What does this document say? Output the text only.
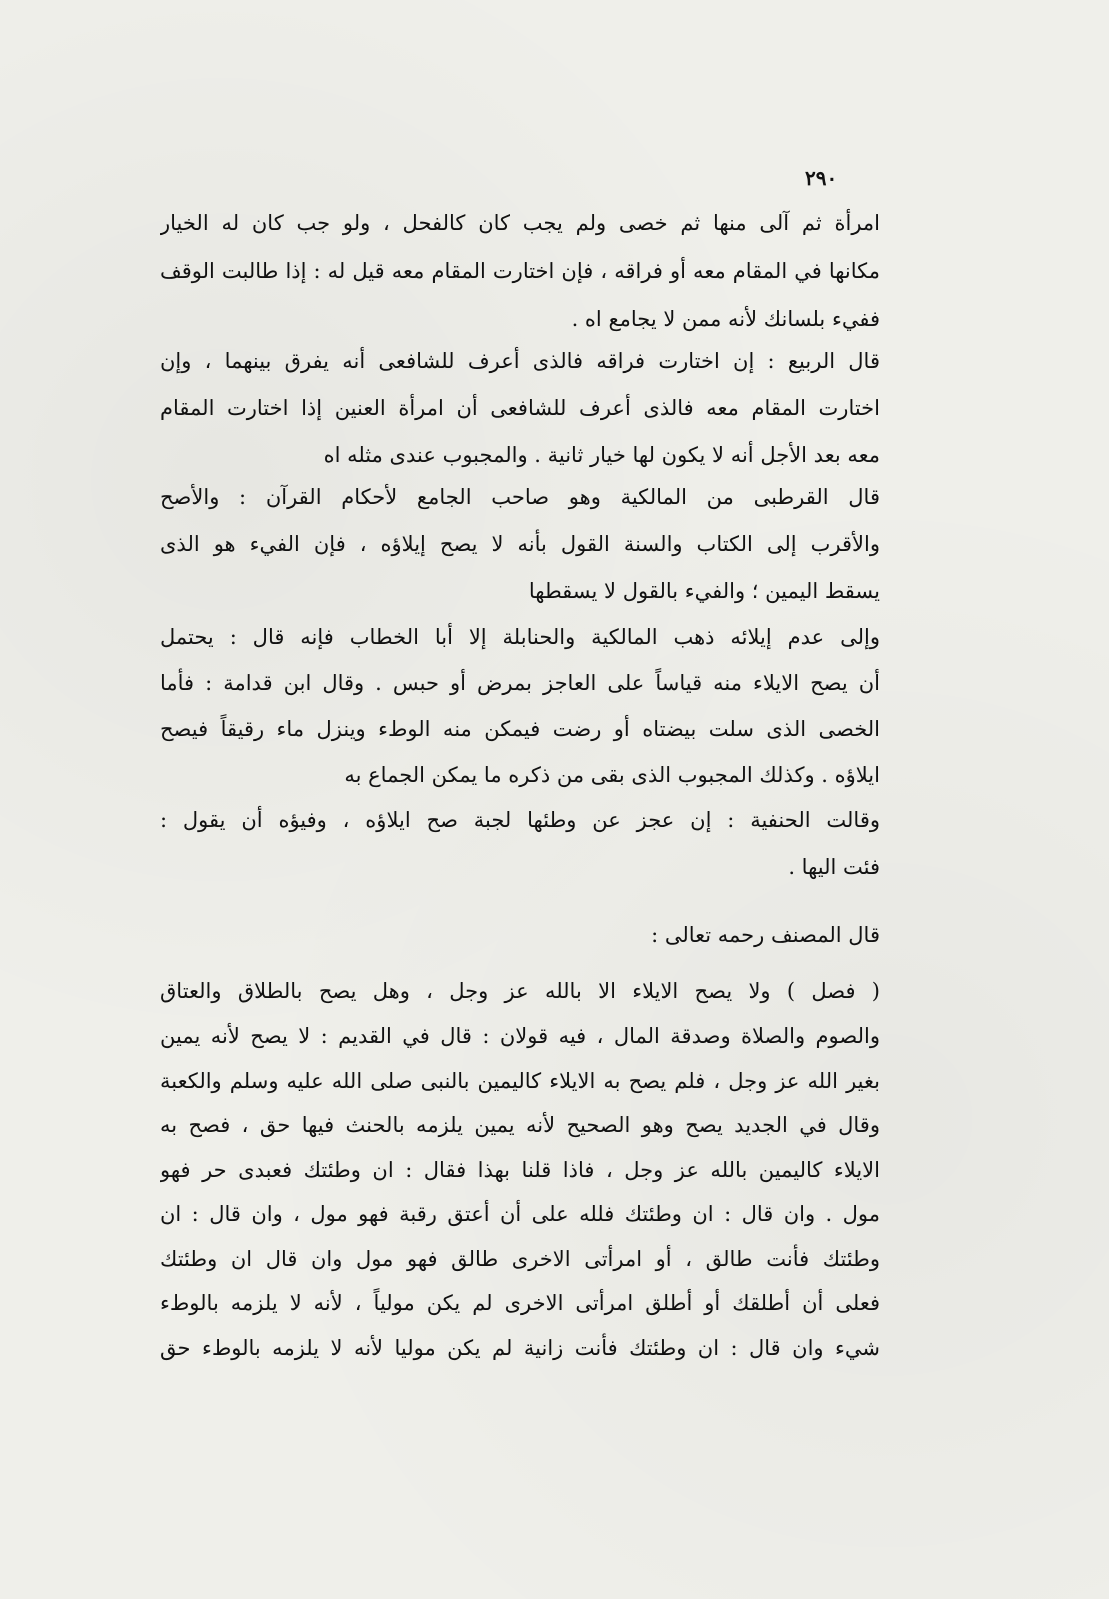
٢٩٠
امرأة ثم آلى منها ثم خصى ولم يجب كان كالفحل ، ولو جب كان له الخيار
مكانها في المقام معه أو فراقه ، فإن اختارت المقام معه قيل له : إذا طالبت الوقف
ففيء بلسانك لأنه ممن لا يجامع اه .
قال الربيع : إن اختارت فراقه فالذى أعرف للشافعى أنه يفرق بينهما ، وإن
اختارت المقام معه فالذى أعرف للشافعى أن امرأة العنين إذا اختارت المقام
معه بعد الأجل أنه لا يكون لها خيار ثانية . والمجبوب عندى مثله اه
قال القرطبى من المالكية وهو صاحب الجامع لأحكام القرآن : والأصح
والأقرب إلى الكتاب والسنة القول بأنه لا يصح إيلاؤه ، فإن الفيء هو الذى
يسقط اليمين ؛ والفيء بالقول لا يسقطها
وإلى عدم إيلائه ذهب المالكية والحنابلة إلا أبا الخطاب فإنه قال : يحتمل
أن يصح الايلاء منه قياساً على العاجز بمرض أو حبس . وقال ابن قدامة : فأما
الخصى الذى سلت بيضتاه أو رضت فيمكن منه الوطء وينزل ماء رقيقاً فيصح
ايلاؤه . وكذلك المجبوب الذى بقى من ذكره ما يمكن الجماع به
وقالت الحنفية : إن عجز عن وطئها لجبة صح ايلاؤه ، وفيؤه أن يقول :
فئت اليها .
قال المصنف رحمه تعالى :
( فصل ) ولا يصح الايلاء الا بالله عز وجل ، وهل يصح بالطلاق والعتاق
والصوم والصلاة وصدقة المال ، فيه قولان : قال في القديم : لا يصح لأنه يمين
بغير الله عز وجل ، فلم يصح به الايلاء كاليمين بالنبى صلى الله عليه وسلم والكعبة
وقال في الجديد يصح وهو الصحيح لأنه يمين يلزمه بالحنث فيها حق ، فصح به
الايلاء كاليمين بالله عز وجل ، فاذا قلنا بهذا فقال : ان وطئتك فعبدى حر فهو
مول . وان قال : ان وطئتك فلله على أن أعتق رقبة فهو مول ، وان قال : ان
وطئتك فأنت طالق ، أو امرأتى الاخرى طالق فهو مول وان قال ان وطئتك
فعلى أن أطلقك أو أطلق امرأتى الاخرى لم يكن مولياً ، لأنه لا يلزمه بالوطء
شيء وان قال : ان وطئتك فأنت زانية لم يكن موليا لأنه لا يلزمه بالوطء حق
